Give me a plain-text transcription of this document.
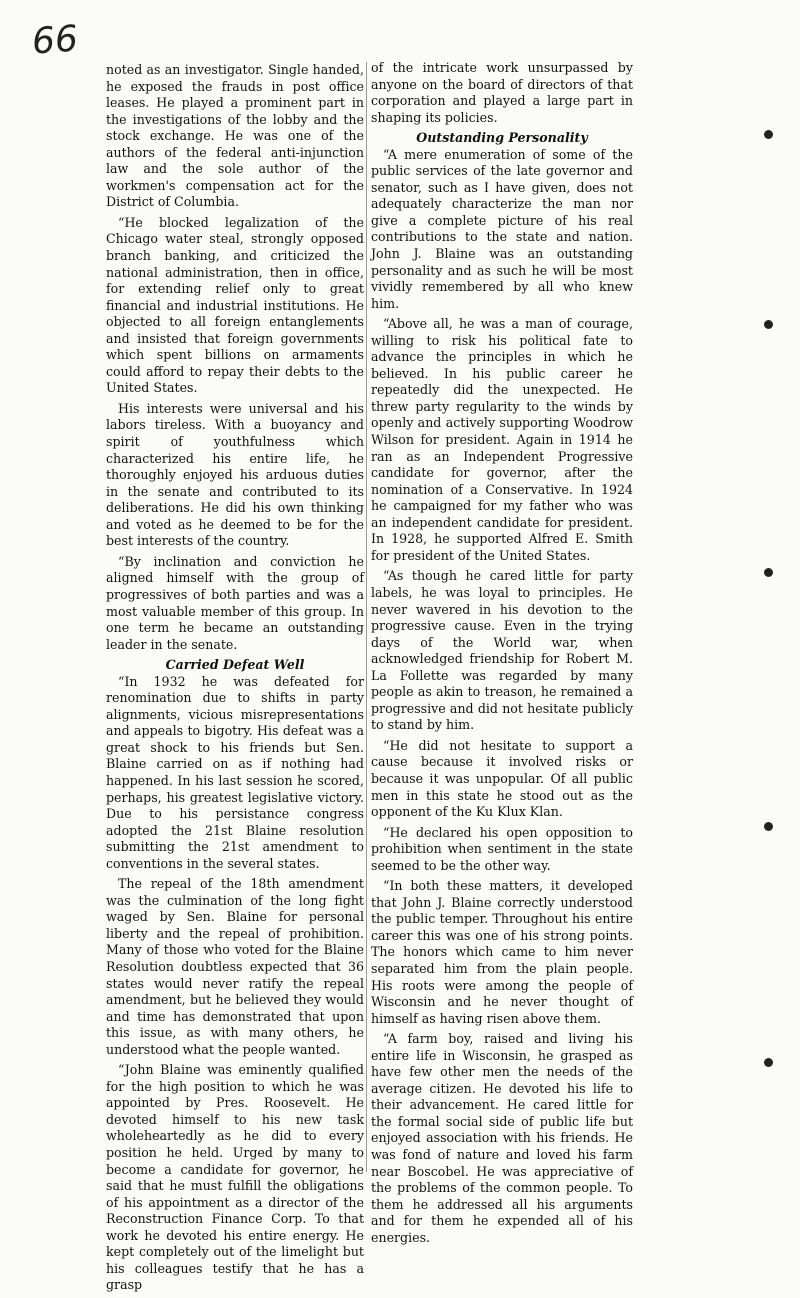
66

noted as an investigator. Single handed, he exposed the frauds in post office leases. He played a prominent part in the investigations of the lobby and the stock exchange. He was one of the authors of the federal anti-injunction law and the sole author of the workmen's compensation act for the District of Columbia.

“He blocked legalization of the Chicago water steal, strongly opposed branch banking, and criticized the national administration, then in office, for extending relief only to great financial and industrial institutions. He objected to all foreign entanglements and insisted that foreign governments which spent billions on armaments could afford to repay their debts to the United States.

His interests were universal and his labors tireless. With a buoyancy and spirit of youthfulness which characterized his entire life, he thoroughly enjoyed his arduous duties in the senate and contributed to its deliberations. He did his own thinking and voted as he deemed to be for the best interests of the country.

“By inclination and conviction he aligned himself with the group of progressives of both parties and was a most valuable member of this group. In one term he became an outstanding leader in the senate.

Carried Defeat Well

“In 1932 he was defeated for renomination due to shifts in party alignments, vicious misrepresentations and appeals to bigotry. His defeat was a great shock to his friends but Sen. Blaine carried on as if nothing had happened. In his last session he scored, perhaps, his greatest legislative victory. Due to his persistance congress adopted the 21st Blaine resolution submitting the 21st amendment to conventions in the several states.

The repeal of the 18th amendment was the culmination of the long fight waged by Sen. Blaine for personal liberty and the repeal of prohibition. Many of those who voted for the Blaine Resolution doubtless expected that 36 states would never ratify the repeal amendment, but he believed they would and time has demonstrated that upon this issue, as with many others, he understood what the people wanted.

“John Blaine was eminently qualified for the high position to which he was appointed by Pres. Roosevelt. He devoted himself to his new task wholeheartedly as he did to every position he held. Urged by many to become a candidate for governor, he said that he must fulfill the obligations of his appointment as a director of the Reconstruction Finance Corp. To that work he devoted his entire energy. He kept completely out of the limelight but his colleagues testify that he has a grasp

of the intricate work unsurpassed by anyone on the board of directors of that corporation and played a large part in shaping its policies.

Outstanding Personality

“A mere enumeration of some of the public services of the late governor and senator, such as I have given, does not adequately characterize the man nor give a complete picture of his real contributions to the state and nation. John J. Blaine was an outstanding personality and as such he will be most vividly remembered by all who knew him.

“Above all, he was a man of courage, willing to risk his political fate to advance the principles in which he believed. In his public career he repeatedly did the unexpected. He threw party regularity to the winds by openly and actively supporting Woodrow Wilson for president. Again in 1914 he ran as an Independent Progressive candidate for governor, after the nomination of a Conservative. In 1924 he campaigned for my father who was an independent candidate for president. In 1928, he supported Alfred E. Smith for president of the United States.

“As though he cared little for party labels, he was loyal to principles. He never wavered in his devotion to the progressive cause. Even in the trying days of the World war, when acknowledged friendship for Robert M. La Follette was regarded by many people as akin to treason, he remained a progressive and did not hesitate publicly to stand by him.

“He did not hesitate to support a cause because it involved risks or because it was unpopular. Of all public men in this state he stood out as the opponent of the Ku Klux Klan.

“He declared his open opposition to prohibition when sentiment in the state seemed to be the other way.

“In both these matters, it developed that John J. Blaine correctly understood the public temper. Throughout his entire career this was one of his strong points. The honors which came to him never separated him from the plain people. His roots were among the people of Wisconsin and he never thought of himself as having risen above them.

“A farm boy, raised and living his entire life in Wisconsin, he grasped as have few other men the needs of the average citizen. He devoted his life to their advancement. He cared little for the formal social side of public life but enjoyed association with his friends. He was fond of nature and loved his farm near Boscobel. He was appreciative of the problems of the common people. To them he addressed all his arguments and for them he expended all of his energies.
